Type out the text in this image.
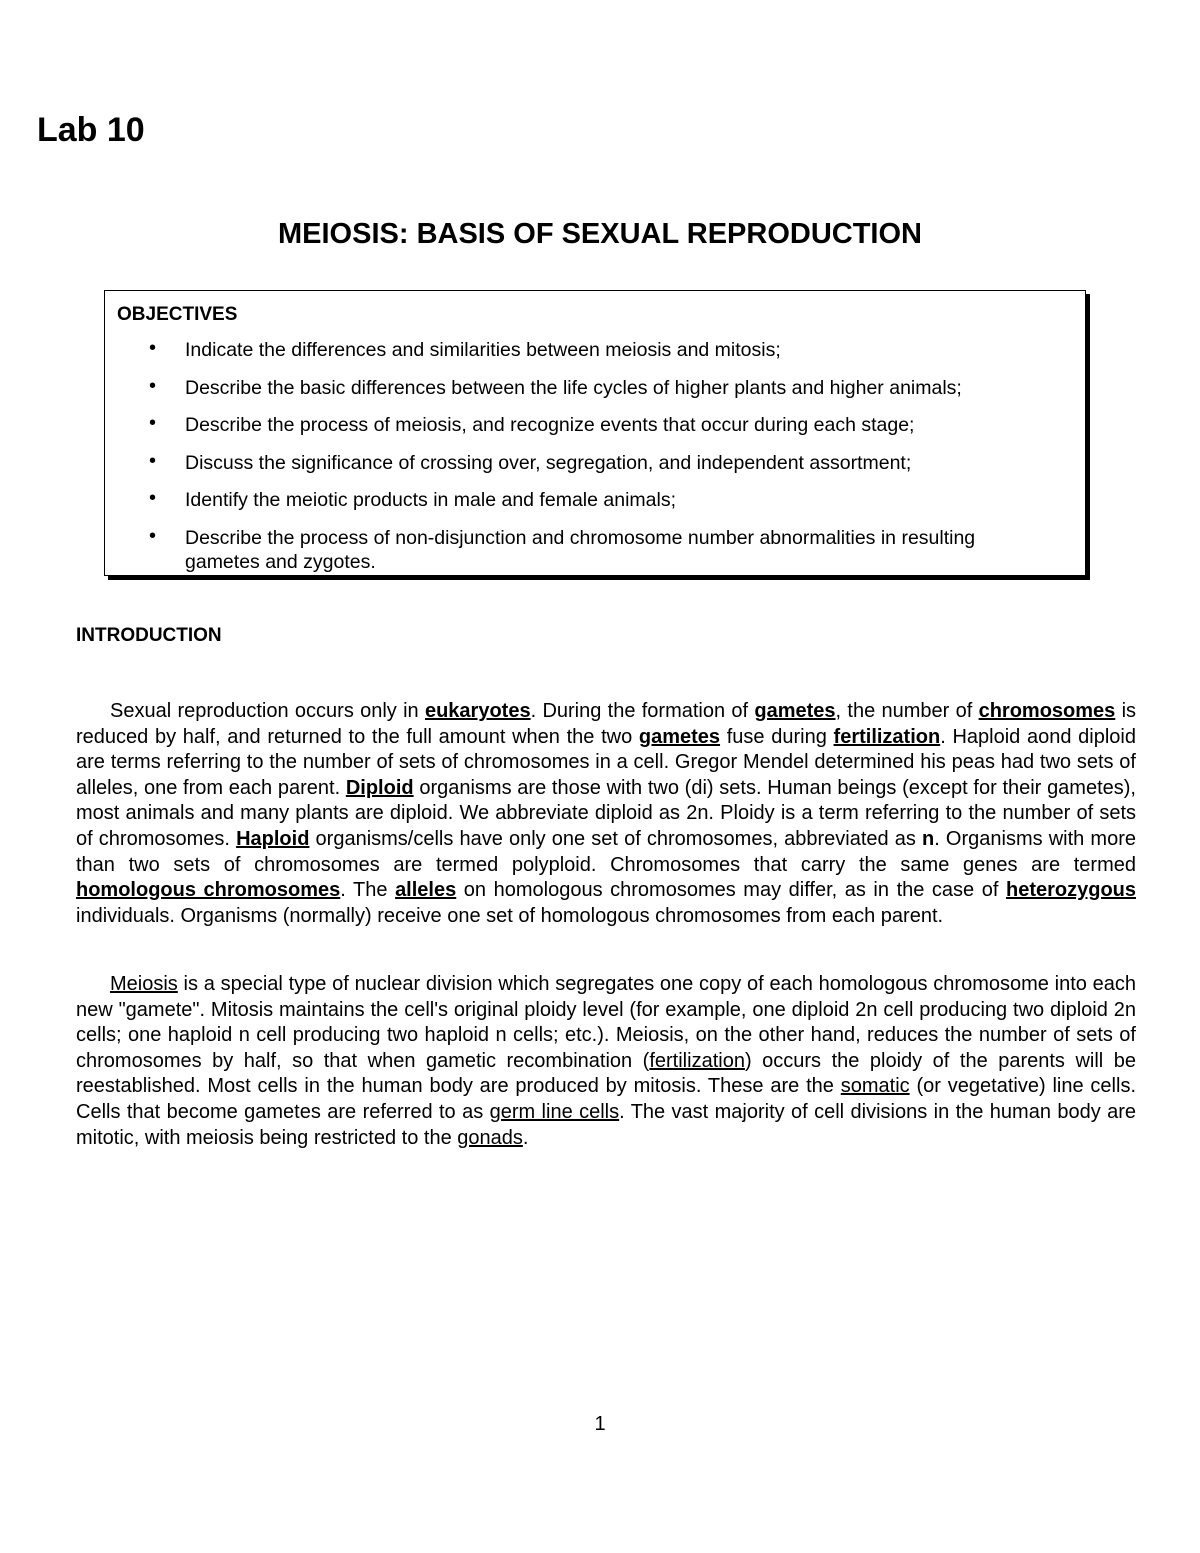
Lab 10
MEIOSIS: BASIS OF SEXUAL REPRODUCTION
OBJECTIVES
• Indicate the differences and similarities between meiosis and mitosis;
• Describe the basic differences between the life cycles of higher plants and higher animals;
• Describe the process of meiosis, and recognize events that occur during each stage;
• Discuss the significance of crossing over, segregation, and independent assortment;
• Identify the meiotic products in male and female animals;
• Describe the process of non-disjunction and chromosome number abnormalities in resulting gametes and zygotes.
INTRODUCTION

Sexual reproduction occurs only in eukaryotes. During the formation of gametes, the number of chromosomes is reduced by half, and returned to the full amount when the two gametes fuse during fertilization. Haploid aond diploid are terms referring to the number of sets of chromosomes in a cell. Gregor Mendel determined his peas had two sets of alleles, one from each parent. Diploid organisms are those with two (di) sets. Human beings (except for their gametes), most animals and many plants are diploid. We abbreviate diploid as 2n. Ploidy is a term referring to the number of sets of chromosomes. Haploid organisms/cells have only one set of chromosomes, abbreviated as n. Organisms with more than two sets of chromosomes are termed polyploid. Chromosomes that carry the same genes are termed homologous chromosomes. The alleles on homologous chromosomes may differ, as in the case of heterozygous individuals. Organisms (normally) receive one set of homologous chromosomes from each parent.

Meiosis is a special type of nuclear division which segregates one copy of each homologous chromosome into each new "gamete". Mitosis maintains the cell's original ploidy level (for example, one diploid 2n cell producing two diploid 2n cells; one haploid n cell producing two haploid n cells; etc.). Meiosis, on the other hand, reduces the number of sets of chromosomes by half, so that when gametic recombination (fertilization) occurs the ploidy of the parents will be reestablished. Most cells in the human body are produced by mitosis. These are the somatic (or vegetative) line cells. Cells that become gametes are referred to as germ line cells. The vast majority of cell divisions in the human body are mitotic, with meiosis being restricted to the gonads.

1
